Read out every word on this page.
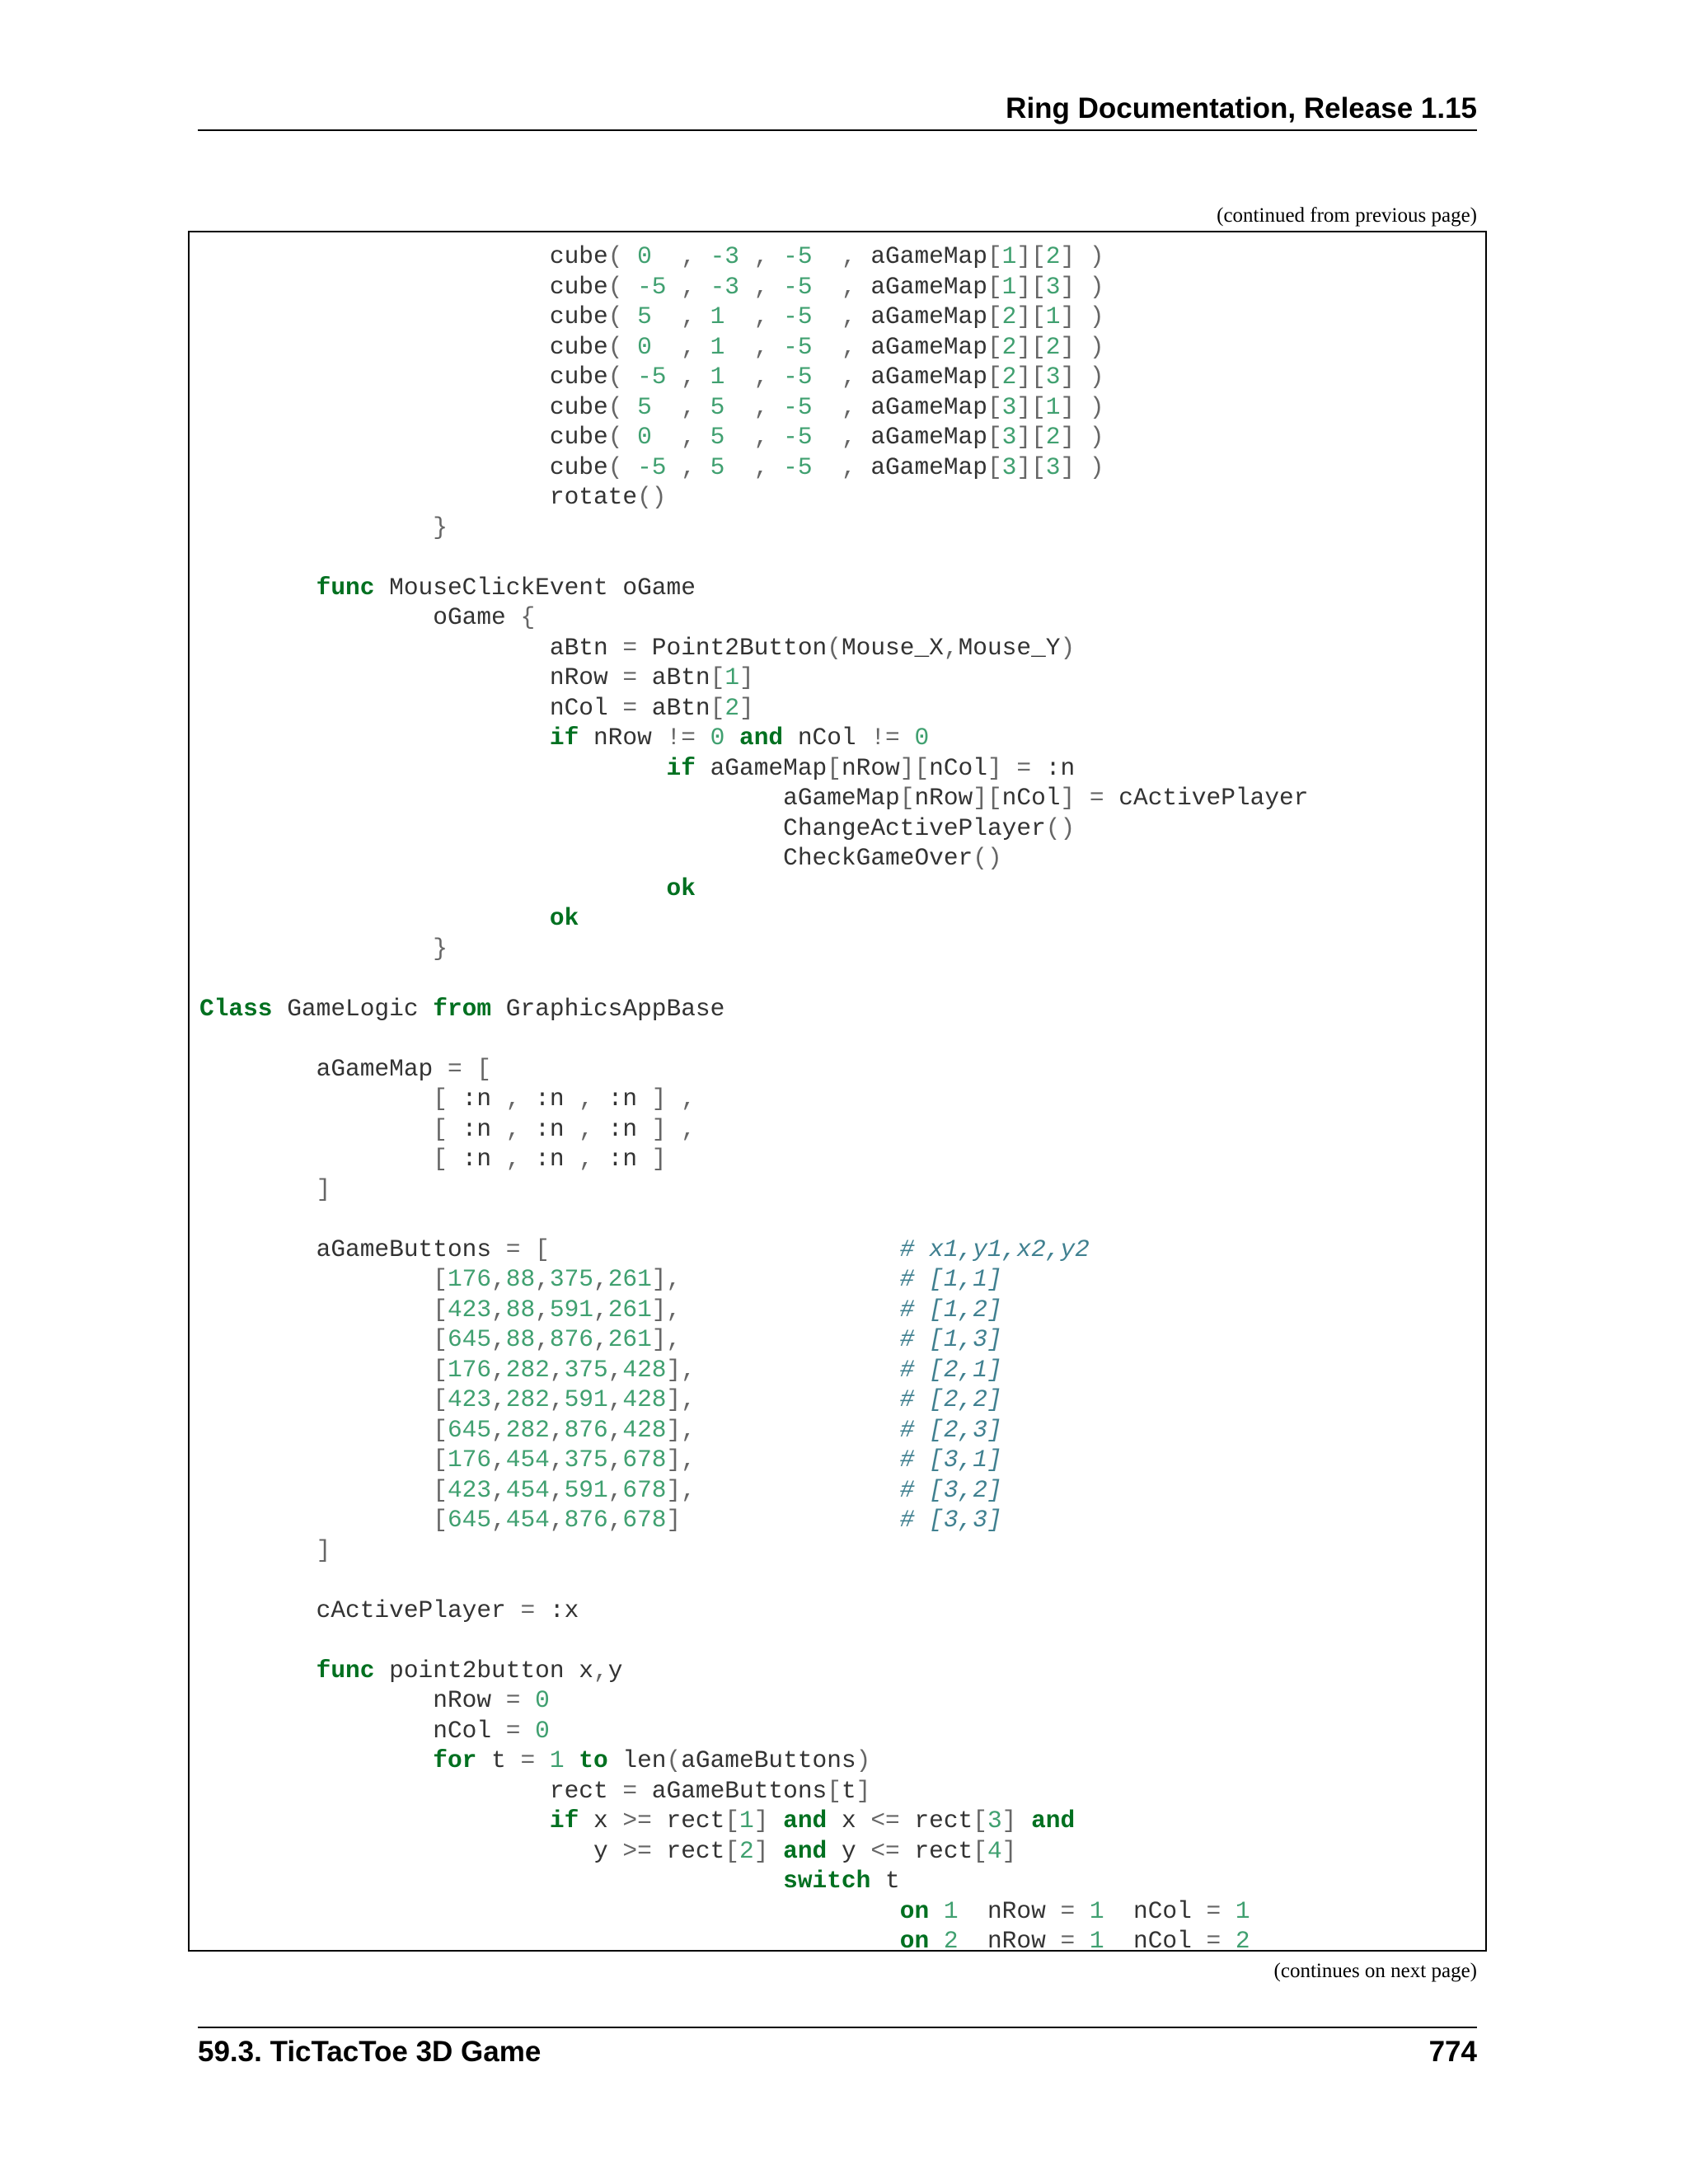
Ring Documentation, Release 1.15
(continued from previous page)
cube( 0 , -3 , -5 , aGameMap[1][2] )
cube( -5 , -3 , -5 , aGameMap[1][3] )
cube( 5 , 1 , -5 , aGameMap[2][1] )
cube( 0 , 1 , -5 , aGameMap[2][2] )
cube( -5 , 1 , -5 , aGameMap[2][3] )
cube( 5 , 5 , -5 , aGameMap[3][1] )
cube( 0 , 5 , -5 , aGameMap[3][2] )
cube( -5 , 5 , -5 , aGameMap[3][3] )
rotate()
}

func MouseClickEvent oGame
oGame {
aBtn = Point2Button(Mouse_X,Mouse_Y)
nRow = aBtn[1]
nCol = aBtn[2]
if nRow != 0 and nCol != 0
if aGameMap[nRow][nCol] = :n
aGameMap[nRow][nCol] = cActivePlayer
ChangeActivePlayer()
CheckGameOver()
ok
ok
}

Class GameLogic from GraphicsAppBase

aGameMap = [
[ :n , :n , :n ] ,
[ :n , :n , :n ] ,
[ :n , :n , :n ]
]

aGameButtons = [	# x1,y1,x2,y2
[176,88,375,261],	# [1,1]
[423,88,591,261],	# [1,2]
[645,88,876,261],	# [1,3]
[176,282,375,428],	# [2,1]
[423,282,591,428],	# [2,2]
[645,282,876,428],	# [2,3]
[176,454,375,678],	# [3,1]
[423,454,591,678],	# [3,2]
[645,454,876,678]	# [3,3]
]

cActivePlayer = :x

func point2button x,y
nRow = 0
nCol = 0
for t = 1 to len(aGameButtons)
rect = aGameButtons[t]
if x >= rect[1] and x <= rect[3] and
y >= rect[2] and y <= rect[4]
switch t
on 1 nRow = 1 nCol = 1
on 2 nRow = 1 nCol = 2

(continues on next page)
59.3. TicTacToe 3D Game	774
